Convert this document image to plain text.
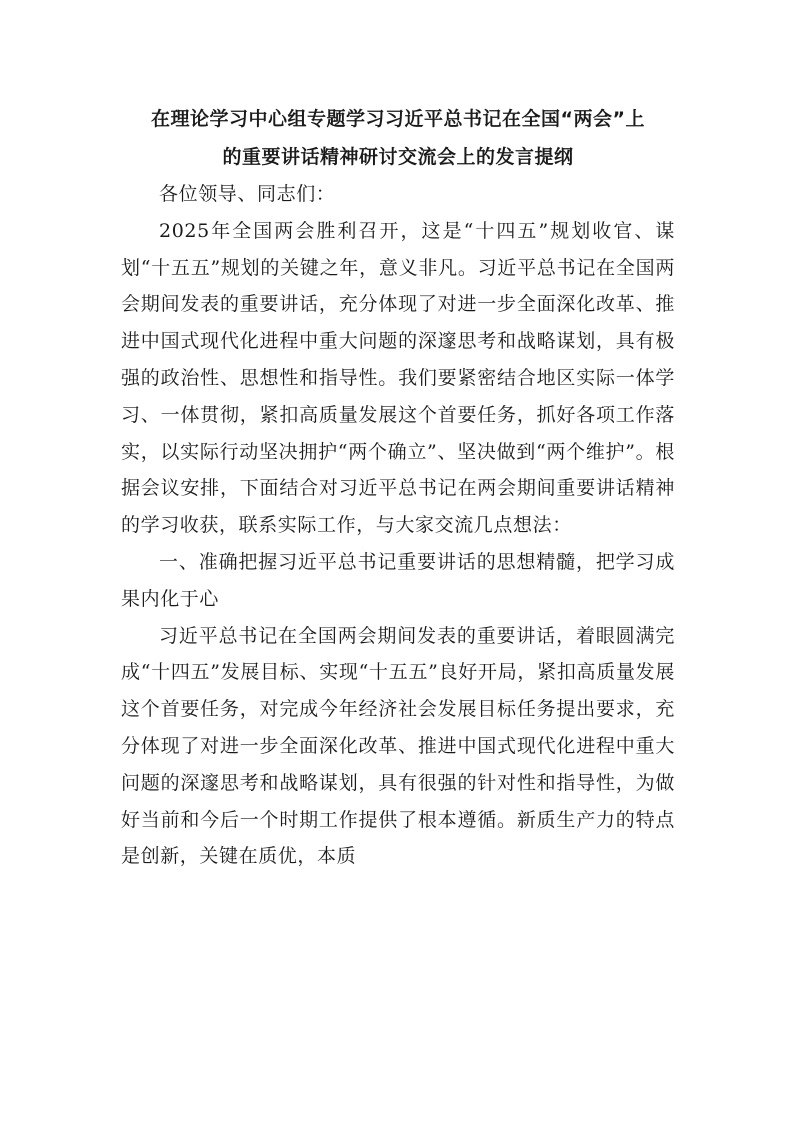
在理论学习中心组专题学习习近平总书记在全国“两会”上
的重要讲话精神研讨交流会上的发言提纲

各位领导、同志们：

2025年全国两会胜利召开，这是“十四五”规划收官、谋划“十五五”规划的关键之年，意义非凡。习近平总书记在全国两会期间发表的重要讲话，充分体现了对进一步全面深化改革、推进中国式现代化进程中重大问题的深邃思考和战略谋划，具有极强的政治性、思想性和指导性。我们要紧密结合地区实际一体学习、一体贯彻，紧扣高质量发展这个首要任务，抓好各项工作落实，以实际行动坚决拥护“两个确立”、坚决做到“两个维护”。根据会议安排，下面结合对习近平总书记在两会期间重要讲话精神的学习收获，联系实际工作，与大家交流几点想法：

一、准确把握习近平总书记重要讲话的思想精髓，把学习成果内化于心

习近平总书记在全国两会期间发表的重要讲话，着眼圆满完成“十四五”发展目标、实现“十五五”良好开局，紧扣高质量发展这个首要任务，对完成今年经济社会发展目标任务提出要求，充分体现了对进一步全面深化改革、推进中国式现代化进程中重大问题的深邃思考和战略谋划，具有很强的针对性和指导性，为做好当前和今后一个时期工作提供了根本遵循。新质生产力的特点是创新，关键在质优，本质
